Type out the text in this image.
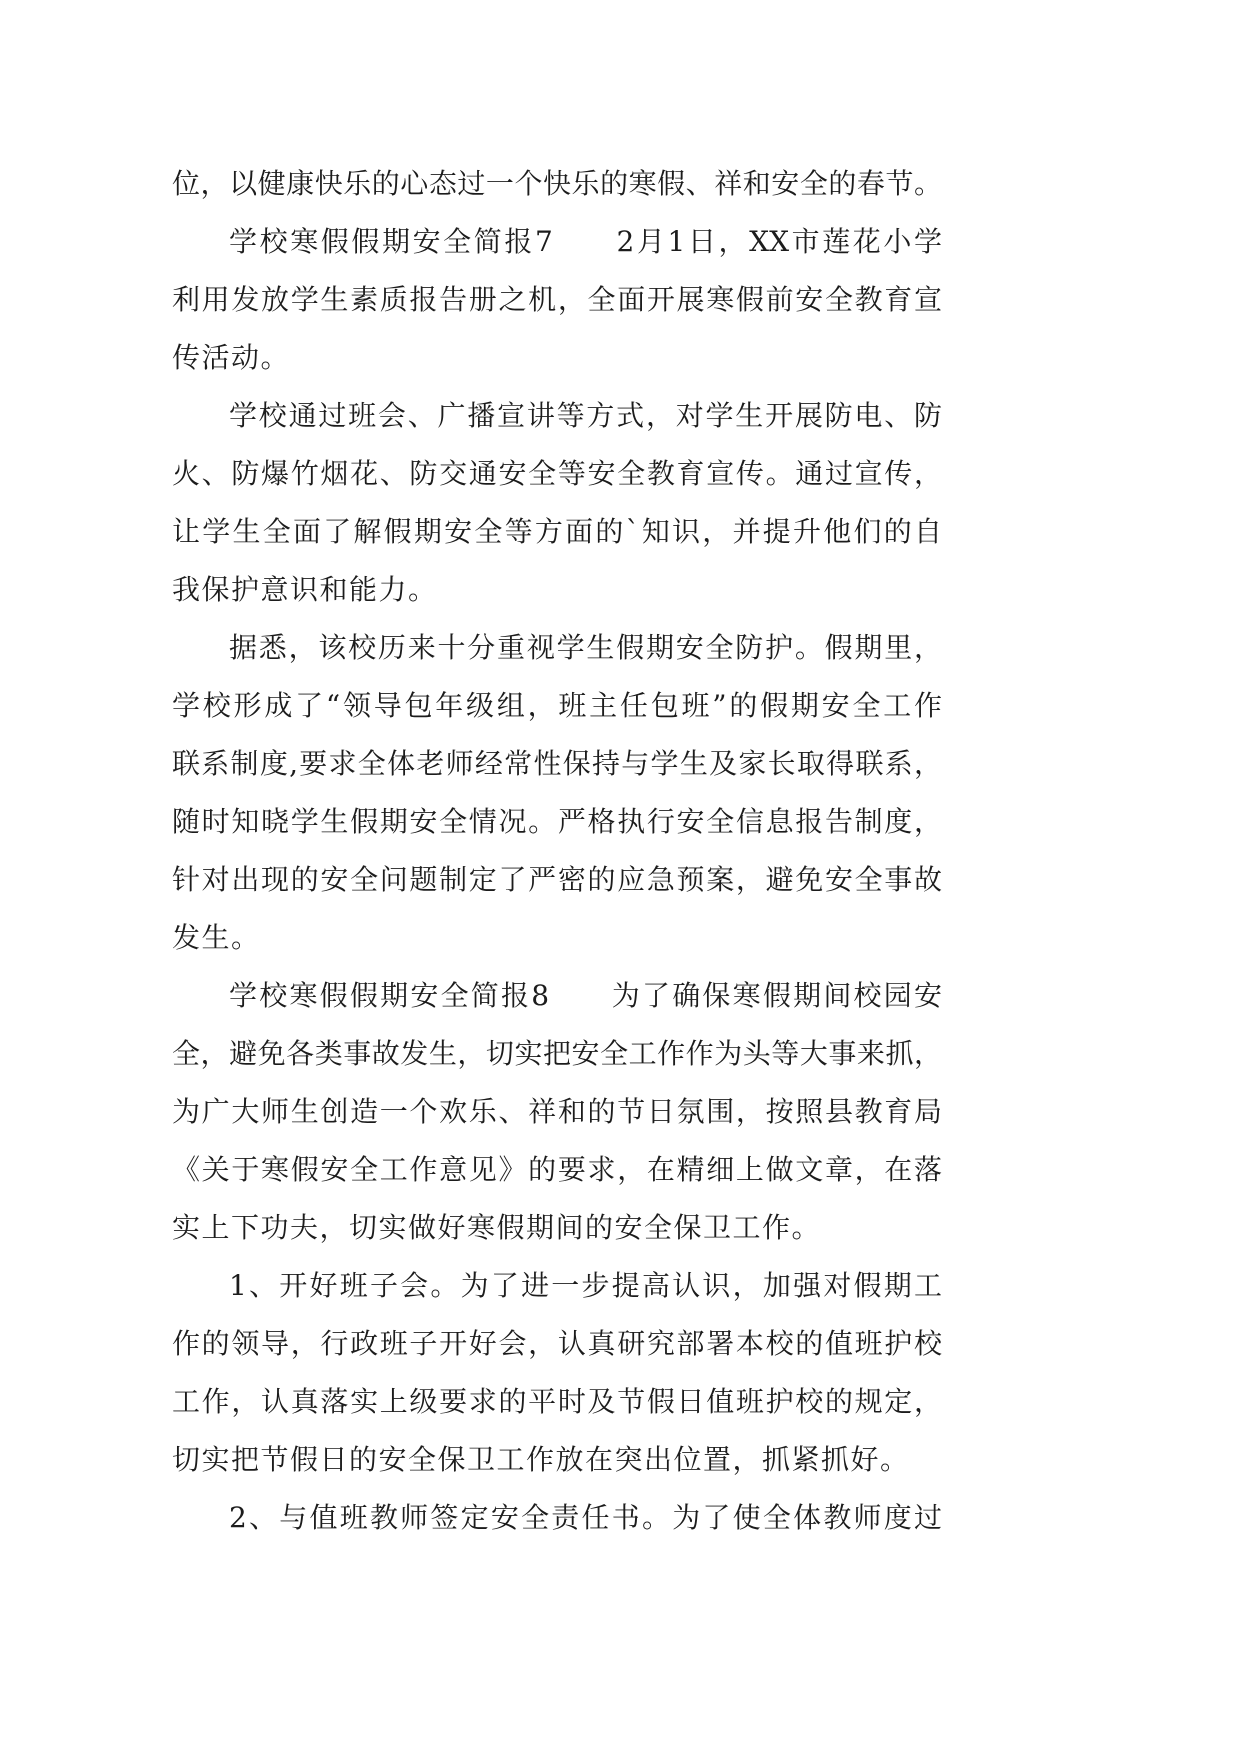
位，以健康快乐的心态过一个快乐的寒假、祥和安全的春节。
学校寒假假期安全简报7　　2月1日，XX市莲花小学
利用发放学生素质报告册之机，全面开展寒假前安全教育宣
传活动。
学校通过班会、广播宣讲等方式，对学生开展防电、防
火、防爆竹烟花、防交通安全等安全教育宣传。通过宣传，
让学生全面了解假期安全等方面的`知识，并提升他们的自
我保护意识和能力。
据悉，该校历来十分重视学生假期安全防护。假期里，
学校形成了“领导包年级组，班主任包班”的假期安全工作
联系制度,要求全体老师经常性保持与学生及家长取得联系，
随时知晓学生假期安全情况。严格执行安全信息报告制度，
针对出现的安全问题制定了严密的应急预案，避免安全事故
发生。
学校寒假假期安全简报8　　为了确保寒假期间校园安
全，避免各类事故发生，切实把安全工作作为头等大事来抓，
为广大师生创造一个欢乐、祥和的节日氛围，按照县教育局
《关于寒假安全工作意见》的要求，在精细上做文章，在落
实上下功夫，切实做好寒假期间的安全保卫工作。
1、开好班子会。为了进一步提高认识，加强对假期工
作的领导，行政班子开好会，认真研究部署本校的值班护校
工作，认真落实上级要求的平时及节假日值班护校的规定，
切实把节假日的安全保卫工作放在突出位置，抓紧抓好。
2、与值班教师签定安全责任书。为了使全体教师度过
